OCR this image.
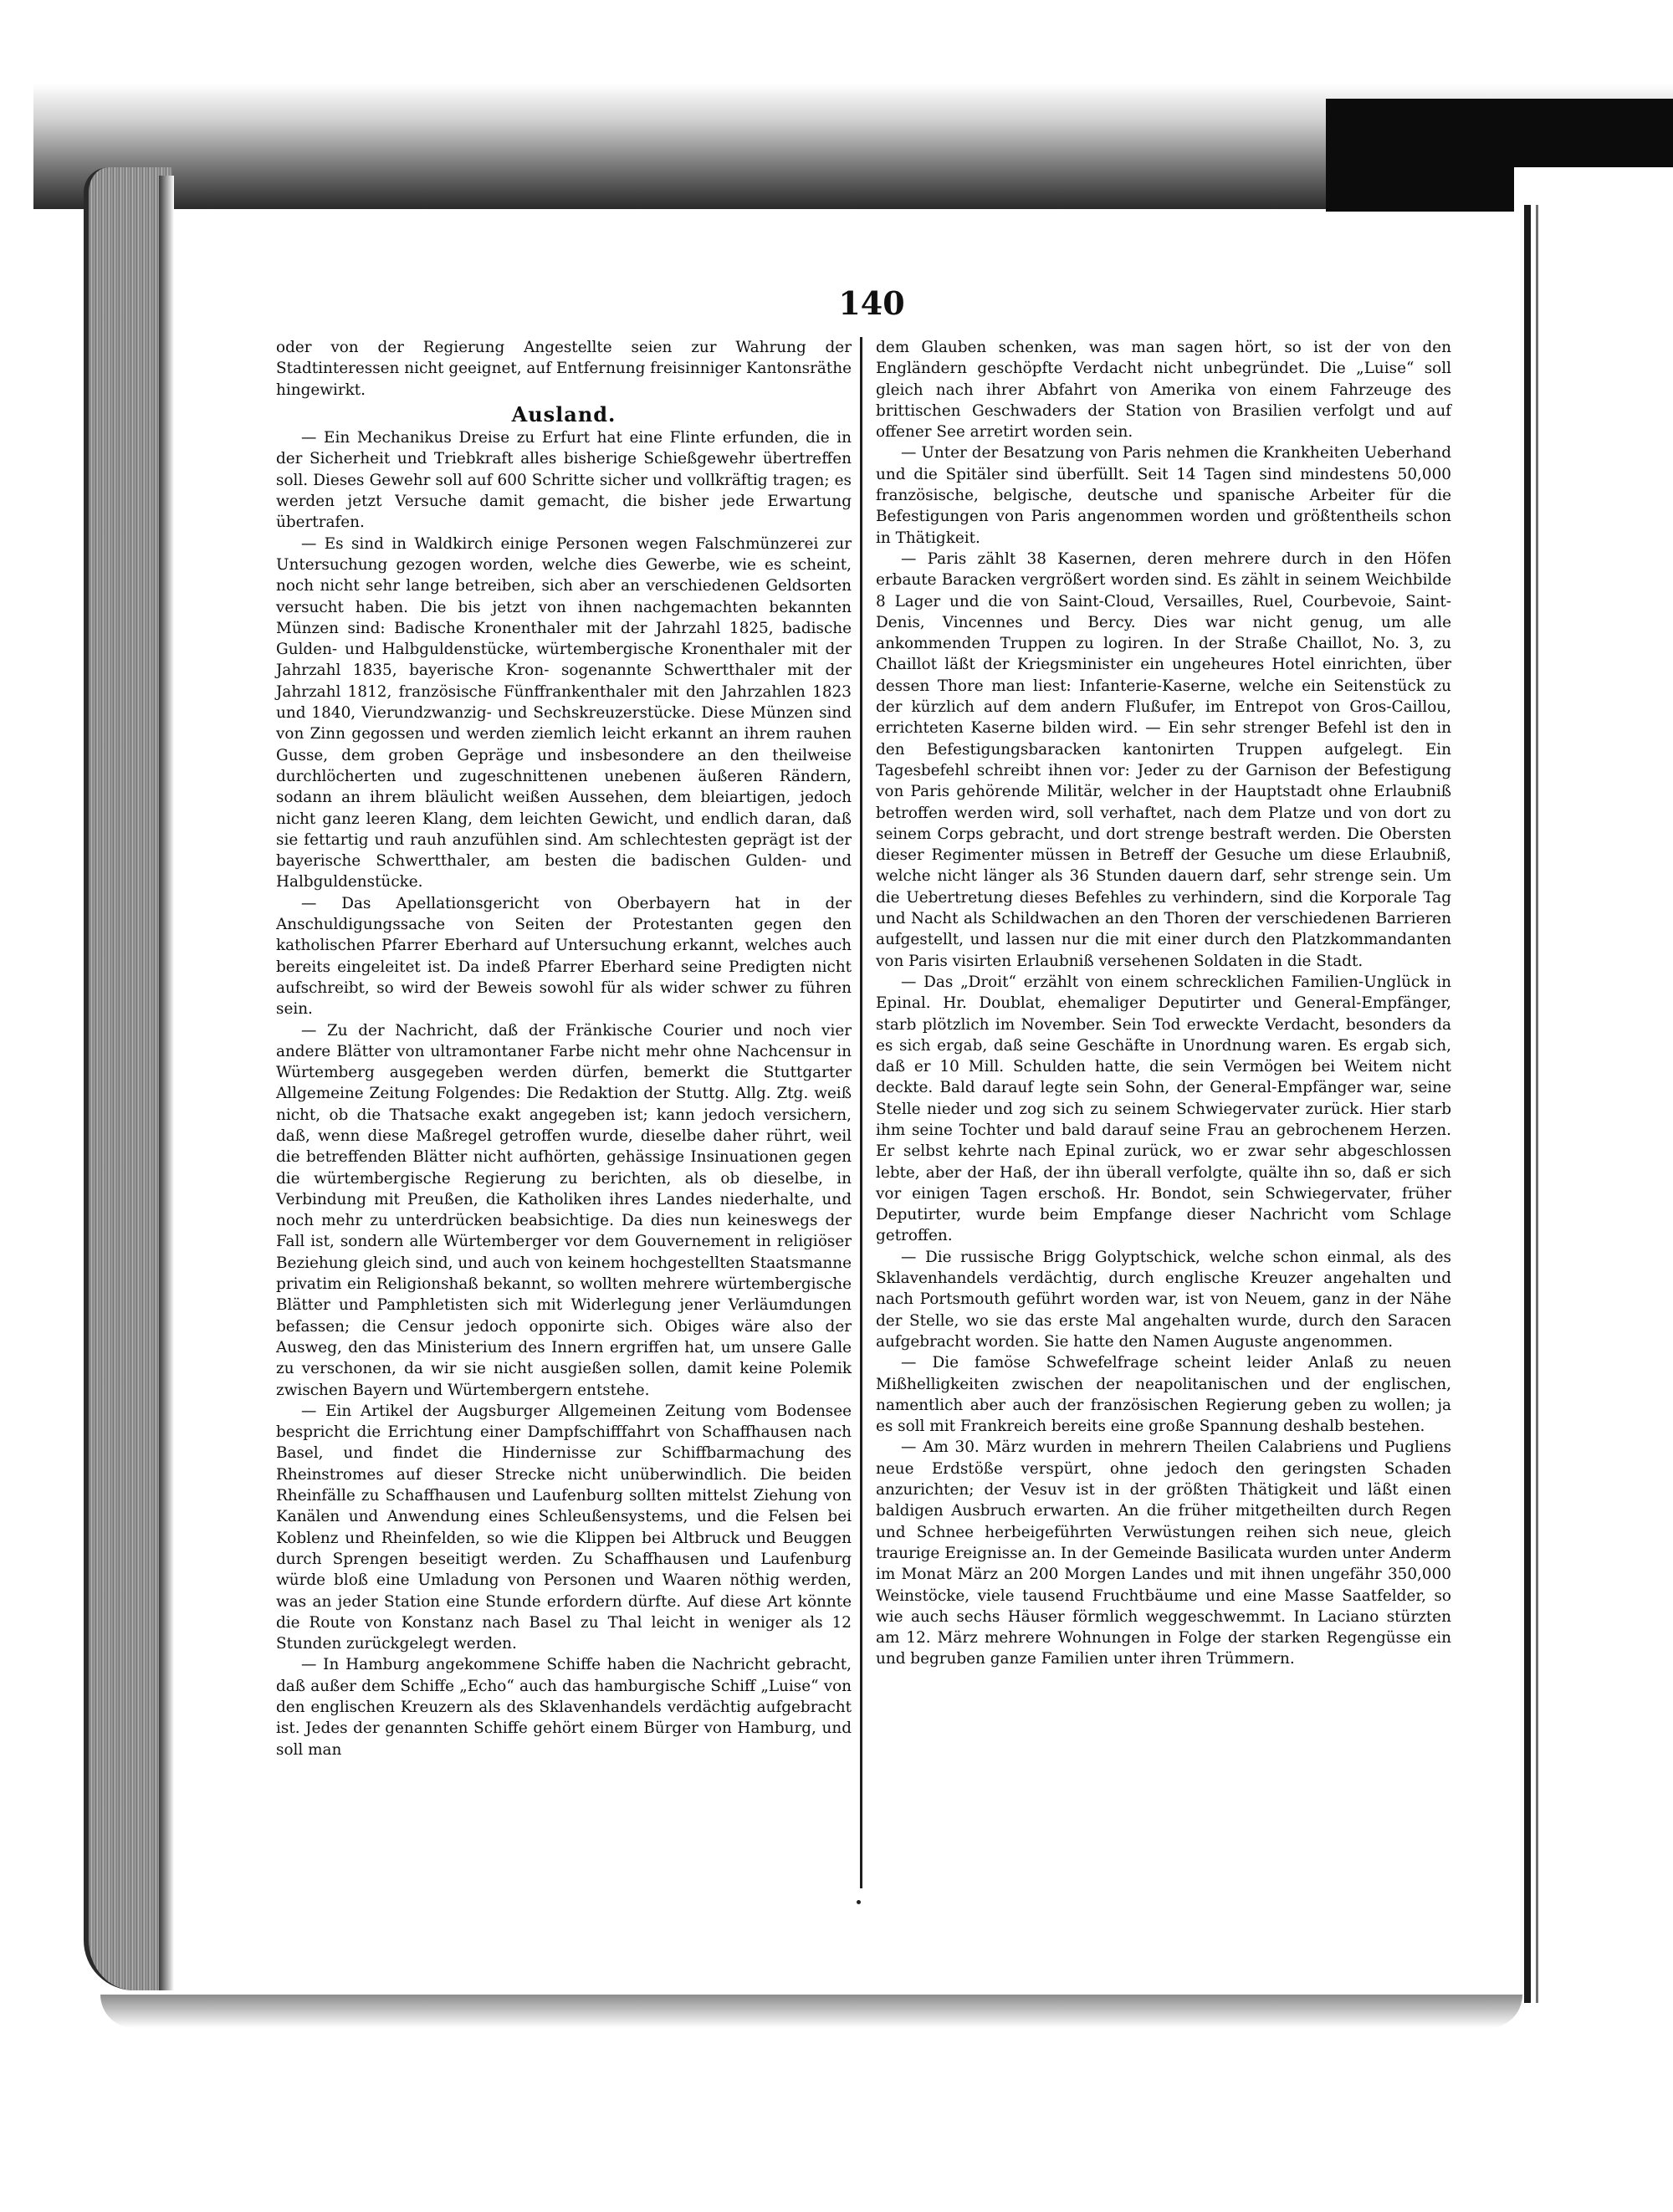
140

oder von der Regierung Angestellte seien zur Wahrung der Stadtinteressen nicht geeignet, auf Entfernung freisinniger Kantonsräthe hingewirkt.

Ausland.

— Ein Mechanikus Dreise zu Erfurt hat eine Flinte erfunden, die in der Sicherheit und Triebkraft alles bisherige Schießgewehr übertreffen soll. Dieses Gewehr soll auf 600 Schritte sicher und vollkräftig tragen; es werden jetzt Versuche damit gemacht, die bisher jede Erwartung übertrafen.

— Es sind in Waldkirch einige Personen wegen Falschmünzerei zur Untersuchung gezogen worden, welche dies Gewerbe, wie es scheint, noch nicht sehr lange betreiben, sich aber an verschiedenen Geldsorten versucht haben. Die bis jetzt von ihnen nachgemachten bekannten Münzen sind: Badische Kronenthaler mit der Jahrzahl 1825, badische Gulden- und Halbguldenstücke, würtembergische Kronenthaler mit der Jahrzahl 1835, bayerische Kron- sogenannte Schwertthaler mit der Jahrzahl 1812, französische Fünffrankenthaler mit den Jahrzahlen 1823 und 1840, Vierundzwanzig- und Sechskreuzerstücke. Diese Münzen sind von Zinn gegossen und werden ziemlich leicht erkannt an ihrem rauhen Gusse, dem groben Gepräge und insbesondere an den theilweise durchlöcherten und zugeschnittenen unebenen äußeren Rändern, sodann an ihrem bläulicht weißen Aussehen, dem bleiartigen, jedoch nicht ganz leeren Klang, dem leichten Gewicht, und endlich daran, daß sie fettartig und rauh anzufühlen sind. Am schlechtesten geprägt ist der bayerische Schwertthaler, am besten die badischen Gulden- und Halbguldenstücke.

— Das Apellationsgericht von Oberbayern hat in der Anschuldigungssache von Seiten der Protestanten gegen den katholischen Pfarrer Eberhard auf Untersuchung erkannt, welches auch bereits eingeleitet ist. Da indeß Pfarrer Eberhard seine Predigten nicht aufschreibt, so wird der Beweis sowohl für als wider schwer zu führen sein.

— Zu der Nachricht, daß der Fränkische Courier und noch vier andere Blätter von ultramontaner Farbe nicht mehr ohne Nachcensur in Würtemberg ausgegeben werden dürfen, bemerkt die Stuttgarter Allgemeine Zeitung Folgendes: Die Redaktion der Stuttg. Allg. Ztg. weiß nicht, ob die Thatsache exakt angegeben ist; kann jedoch versichern, daß, wenn diese Maßregel getroffen wurde, dieselbe daher rührt, weil die betreffenden Blätter nicht aufhörten, gehässige Insinuationen gegen die würtembergische Regierung zu berichten, als ob dieselbe, in Verbindung mit Preußen, die Katholiken ihres Landes niederhalte, und noch mehr zu unterdrücken beabsichtige. Da dies nun keineswegs der Fall ist, sondern alle Würtemberger vor dem Gouvernement in religiöser Beziehung gleich sind, und auch von keinem hochgestellten Staatsmanne privatim ein Religionshaß bekannt, so wollten mehrere würtembergische Blätter und Pamphletisten sich mit Widerlegung jener Verläumdungen befassen; die Censur jedoch opponirte sich. Obiges wäre also der Ausweg, den das Ministerium des Innern ergriffen hat, um unsere Galle zu verschonen, da wir sie nicht ausgießen sollen, damit keine Polemik zwischen Bayern und Würtembergern entstehe.

— Ein Artikel der Augsburger Allgemeinen Zeitung vom Bodensee bespricht die Errichtung einer Dampfschifffahrt von Schaffhausen nach Basel, und findet die Hindernisse zur Schiffbarmachung des Rheinstromes auf dieser Strecke nicht unüberwindlich. Die beiden Rheinfälle zu Schaffhausen und Laufenburg sollten mittelst Ziehung von Kanälen und Anwendung eines Schleußensystems, und die Felsen bei Koblenz und Rheinfelden, so wie die Klippen bei Altbruck und Beuggen durch Sprengen beseitigt werden. Zu Schaffhausen und Laufenburg würde bloß eine Umladung von Personen und Waaren nöthig werden, was an jeder Station eine Stunde erfordern dürfte. Auf diese Art könnte die Route von Konstanz nach Basel zu Thal leicht in weniger als 12 Stunden zurückgelegt werden.

— In Hamburg angekommene Schiffe haben die Nachricht gebracht, daß außer dem Schiffe „Echo“ auch das hamburgische Schiff „Luise“ von den englischen Kreuzern als des Sklavenhandels verdächtig aufgebracht ist. Jedes der genannten Schiffe gehört einem Bürger von Hamburg, und soll man

dem Glauben schenken, was man sagen hört, so ist der von den Engländern geschöpfte Verdacht nicht unbegründet. Die „Luise“ soll gleich nach ihrer Abfahrt von Amerika von einem Fahrzeuge des brittischen Geschwaders der Station von Brasilien verfolgt und auf offener See arretirt worden sein.

— Unter der Besatzung von Paris nehmen die Krankheiten Ueberhand und die Spitäler sind überfüllt. Seit 14 Tagen sind mindestens 50,000 französische, belgische, deutsche und spanische Arbeiter für die Befestigungen von Paris angenommen worden und größtentheils schon in Thätigkeit.

— Paris zählt 38 Kasernen, deren mehrere durch in den Höfen erbaute Baracken vergrößert worden sind. Es zählt in seinem Weichbilde 8 Lager und die von Saint-Cloud, Versailles, Ruel, Courbevoie, Saint-Denis, Vincennes und Bercy. Dies war nicht genug, um alle ankommenden Truppen zu logiren. In der Straße Chaillot, No. 3, zu Chaillot läßt der Kriegsminister ein ungeheures Hotel einrichten, über dessen Thore man liest: Infanterie-Kaserne, welche ein Seitenstück zu der kürzlich auf dem andern Flußufer, im Entrepot von Gros-Caillou, errichteten Kaserne bilden wird. — Ein sehr strenger Befehl ist den in den Befestigungsbaracken kantonirten Truppen aufgelegt. Ein Tagesbefehl schreibt ihnen vor: Jeder zu der Garnison der Befestigung von Paris gehörende Militär, welcher in der Hauptstadt ohne Erlaubniß betroffen werden wird, soll verhaftet, nach dem Platze und von dort zu seinem Corps gebracht, und dort strenge bestraft werden. Die Obersten dieser Regimenter müssen in Betreff der Gesuche um diese Erlaubniß, welche nicht länger als 36 Stunden dauern darf, sehr strenge sein. Um die Uebertretung dieses Befehles zu verhindern, sind die Korporale Tag und Nacht als Schildwachen an den Thoren der verschiedenen Barrieren aufgestellt, und lassen nur die mit einer durch den Platzkommandanten von Paris visirten Erlaubniß versehenen Soldaten in die Stadt.

— Das „Droit“ erzählt von einem schrecklichen Familien-Unglück in Epinal. Hr. Doublat, ehemaliger Deputirter und General-Empfänger, starb plötzlich im November. Sein Tod erweckte Verdacht, besonders da es sich ergab, daß seine Geschäfte in Unordnung waren. Es ergab sich, daß er 10 Mill. Schulden hatte, die sein Vermögen bei Weitem nicht deckte. Bald darauf legte sein Sohn, der General-Empfänger war, seine Stelle nieder und zog sich zu seinem Schwiegervater zurück. Hier starb ihm seine Tochter und bald darauf seine Frau an gebrochenem Herzen. Er selbst kehrte nach Epinal zurück, wo er zwar sehr abgeschlossen lebte, aber der Haß, der ihn überall verfolgte, quälte ihn so, daß er sich vor einigen Tagen erschoß. Hr. Bondot, sein Schwiegervater, früher Deputirter, wurde beim Empfange dieser Nachricht vom Schlage getroffen.

— Die russische Brigg Golyptschick, welche schon einmal, als des Sklavenhandels verdächtig, durch englische Kreuzer angehalten und nach Portsmouth geführt worden war, ist von Neuem, ganz in der Nähe der Stelle, wo sie das erste Mal angehalten wurde, durch den Saracen aufgebracht worden. Sie hatte den Namen Auguste angenommen.

— Die famöse Schwefelfrage scheint leider Anlaß zu neuen Mißhelligkeiten zwischen der neapolitanischen und der englischen, namentlich aber auch der französischen Regierung geben zu wollen; ja es soll mit Frankreich bereits eine große Spannung deshalb bestehen.

— Am 30. März wurden in mehrern Theilen Calabriens und Pugliens neue Erdstöße verspürt, ohne jedoch den geringsten Schaden anzurichten; der Vesuv ist in der größten Thätigkeit und läßt einen baldigen Ausbruch erwarten. An die früher mitgetheilten durch Regen und Schnee herbeigeführten Verwüstungen reihen sich neue, gleich traurige Ereignisse an. In der Gemeinde Basilicata wurden unter Anderm im Monat März an 200 Morgen Landes und mit ihnen ungefähr 350,000 Weinstöcke, viele tausend Fruchtbäume und eine Masse Saatfelder, so wie auch sechs Häuser förmlich weggeschwemmt. In Laciano stürzten am 12. März mehrere Wohnungen in Folge der starken Regengüsse ein und begruben ganze Familien unter ihren Trümmern.
